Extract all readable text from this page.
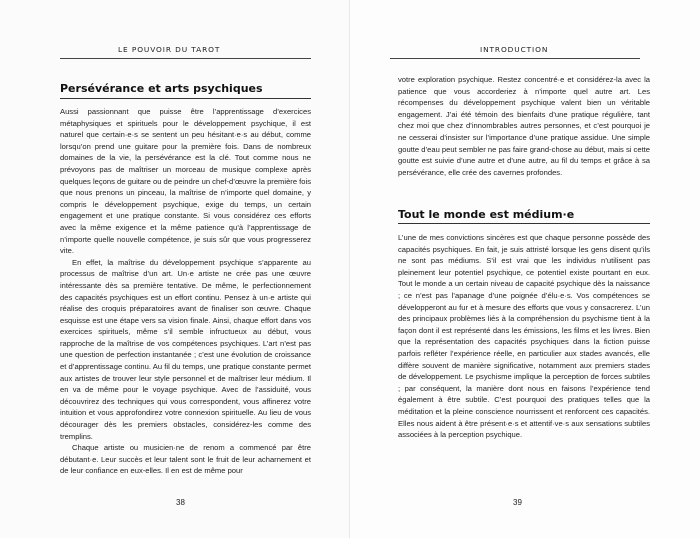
LE POUVOIR DU TAROT
Persévérance et arts psychiques

Aussi passionnant que puisse être l’apprentissage d’exercices métaphysiques et spirituels pour le développement psychique, il est naturel que certain·e·s se sentent un peu hésitant·e·s au début, comme lorsqu’on prend une guitare pour la première fois. Dans de nombreux domaines de la vie, la persévérance est la clé. Tout comme nous ne prévoyons pas de maîtriser un morceau de musique complexe après quelques leçons de guitare ou de peindre un chef-d’œuvre la première fois que nous prenons un pinceau, la maîtrise de n’importe quel domaine, y compris le développement psychique, exige du temps, un certain engagement et une pratique constante. Si vous considérez ces efforts avec la même exigence et la même patience qu’à l’apprentissage de n’importe quelle nouvelle compétence, je suis sûr que vous progresserez vite.

En effet, la maîtrise du développement psychique s’apparente au processus de maîtrise d’un art. Un·e artiste ne crée pas une œuvre intéressante dès sa première tentative. De même, le perfectionnement des capacités psychiques est un effort continu. Pensez à un·e artiste qui réalise des croquis préparatoires avant de finaliser son œuvre. Chaque esquisse est une étape vers sa vision finale. Ainsi, chaque effort dans vos exercices spirituels, même s’il semble infructueux au début, vous rapproche de la maîtrise de vos compétences psychiques. L’art n’est pas une question de perfection instantanée ; c’est une évolution de croissance et d’apprentissage continu. Au fil du temps, une pratique constante permet aux artistes de trouver leur style personnel et de maîtriser leur médium. Il en va de même pour le voyage psychique. Avec de l’assiduité, vous découvrirez des techniques qui vous correspondent, vous affinerez votre intuition et vous approfondirez votre connexion spirituelle. Au lieu de vous décourager dès les premiers obstacles, considérez-les comme des tremplins.

Chaque artiste ou musicien·ne de renom a commencé par être débutant·e. Leur succès et leur talent sont le fruit de leur acharnement et de leur confiance en eux-elles. Il en est de même pour

38
INTRODUCTION

votre exploration psychique. Restez concentré·e et considérez-la avec la patience que vous accorderiez à n’importe quel autre art. Les récompenses du développement psychique valent bien un véritable engagement. J’ai été témoin des bienfaits d’une pratique régulière, tant chez moi que chez d’innombrables autres personnes, et c’est pourquoi je ne cesserai d’insister sur l’importance d’une pratique assidue. Une simple goutte d’eau peut sembler ne pas faire grand-chose au début, mais si cette goutte est suivie d’une autre et d’une autre, au fil du temps et grâce à sa persévérance, elle crée des cavernes profondes.

Tout le monde est médium·e

L’une de mes convictions sincères est que chaque personne possède des capacités psychiques. En fait, je suis attristé lorsque les gens disent qu’ils ne sont pas médiums. S’il est vrai que les individus n’utilisent pas pleinement leur potentiel psychique, ce potentiel existe pourtant en eux. Tout le monde a un certain niveau de capacité psychique dès la naissance ; ce n’est pas l’apanage d’une poignée d’élu·e·s. Vos compétences se développeront au fur et à mesure des efforts que vous y consacrerez. L’un des principaux problèmes liés à la compréhension du psychisme tient à la façon dont il est représenté dans les émissions, les films et les livres. Bien que la représentation des capacités psychiques dans la fiction puisse parfois refléter l’expérience réelle, en particulier aux stades avancés, elle diffère souvent de manière significative, notamment aux premiers stades de développement. Le psychisme implique la perception de forces subtiles ; par conséquent, la manière dont nous en faisons l’expérience tend également à être subtile. C’est pourquoi des pratiques telles que la méditation et la pleine conscience nourrissent et renforcent ces capacités. Elles nous aident à être présent·e·s et attentif·ve·s aux sensations subtiles associées à la perception psychique.

39
